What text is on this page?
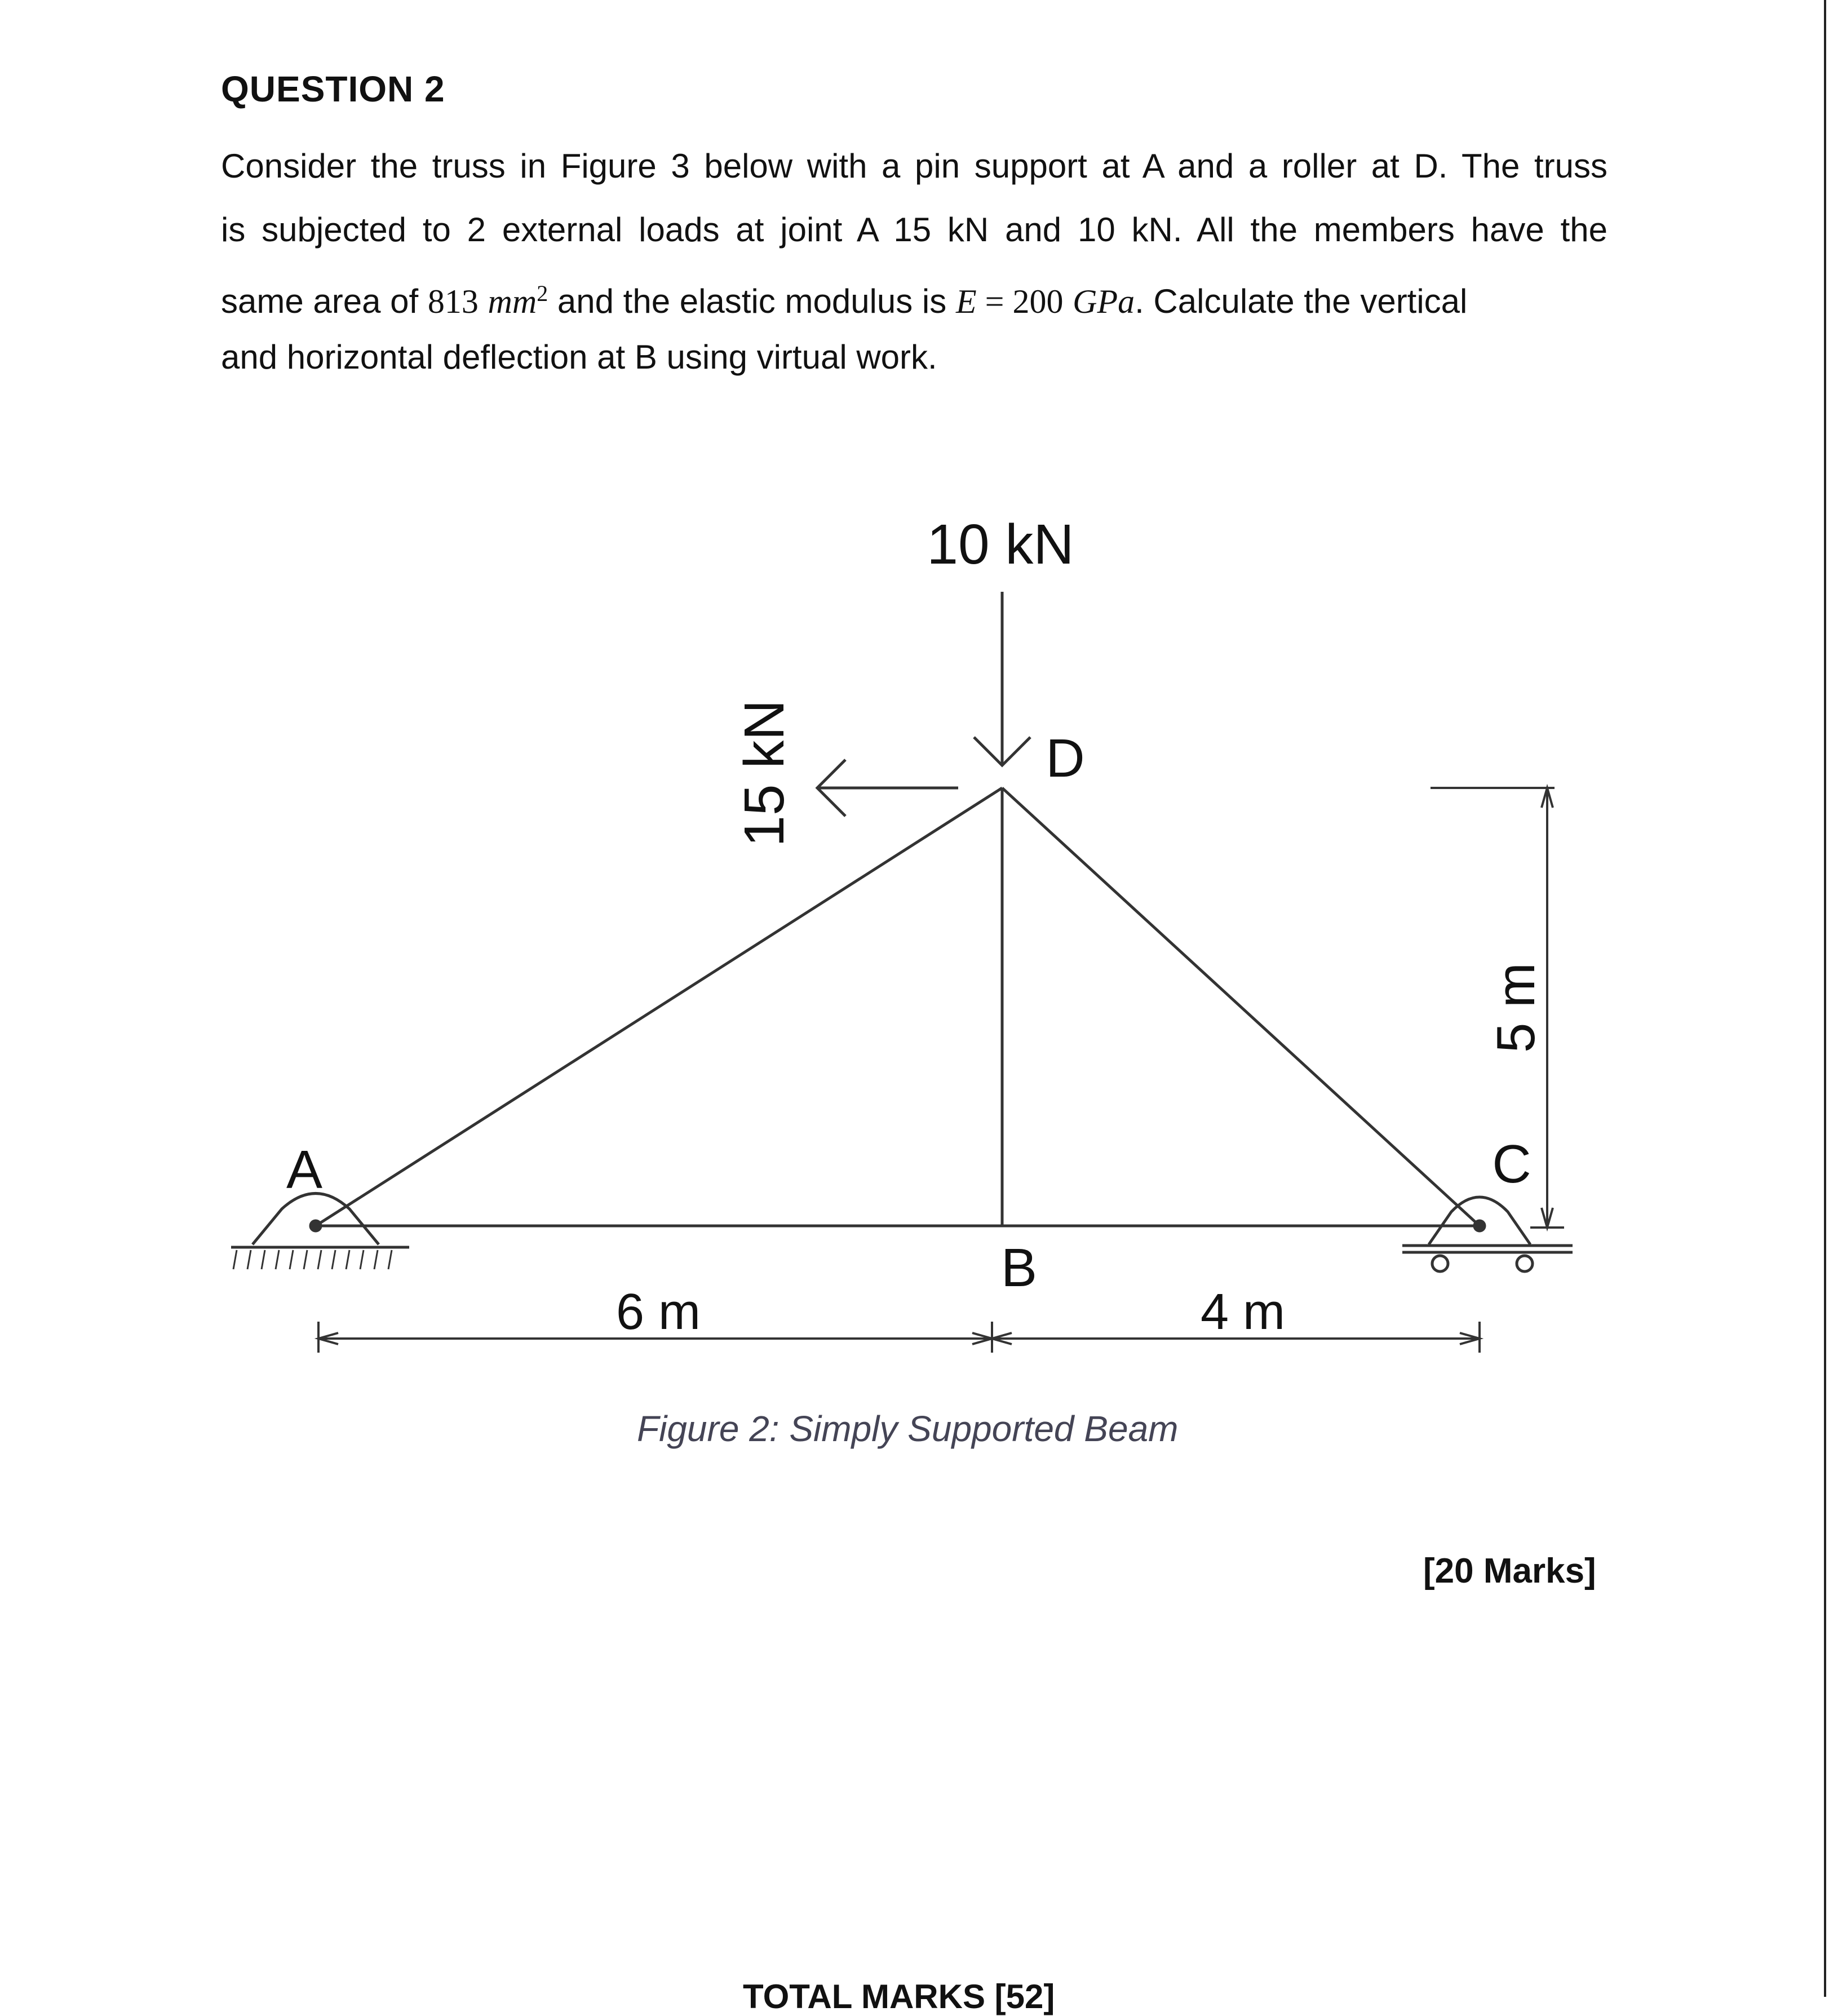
QUESTION 2
Consider the truss in Figure 3 below with a pin support at A and a roller at D. The truss
is subjected to 2 external loads at joint A 15 kN and 10 kN. All the members have the
same area of 813 $mm^2$ and the elastic modulus is E = 200 GPa. Calculate the vertical
and horizontal deflection at B using virtual work.
10 kN
15 kN
A
B
C
D
6 m	4 m
5 m
Figure 2: Simply Supported Beam
[20 Marks]
TOTAL MARKS [52]
